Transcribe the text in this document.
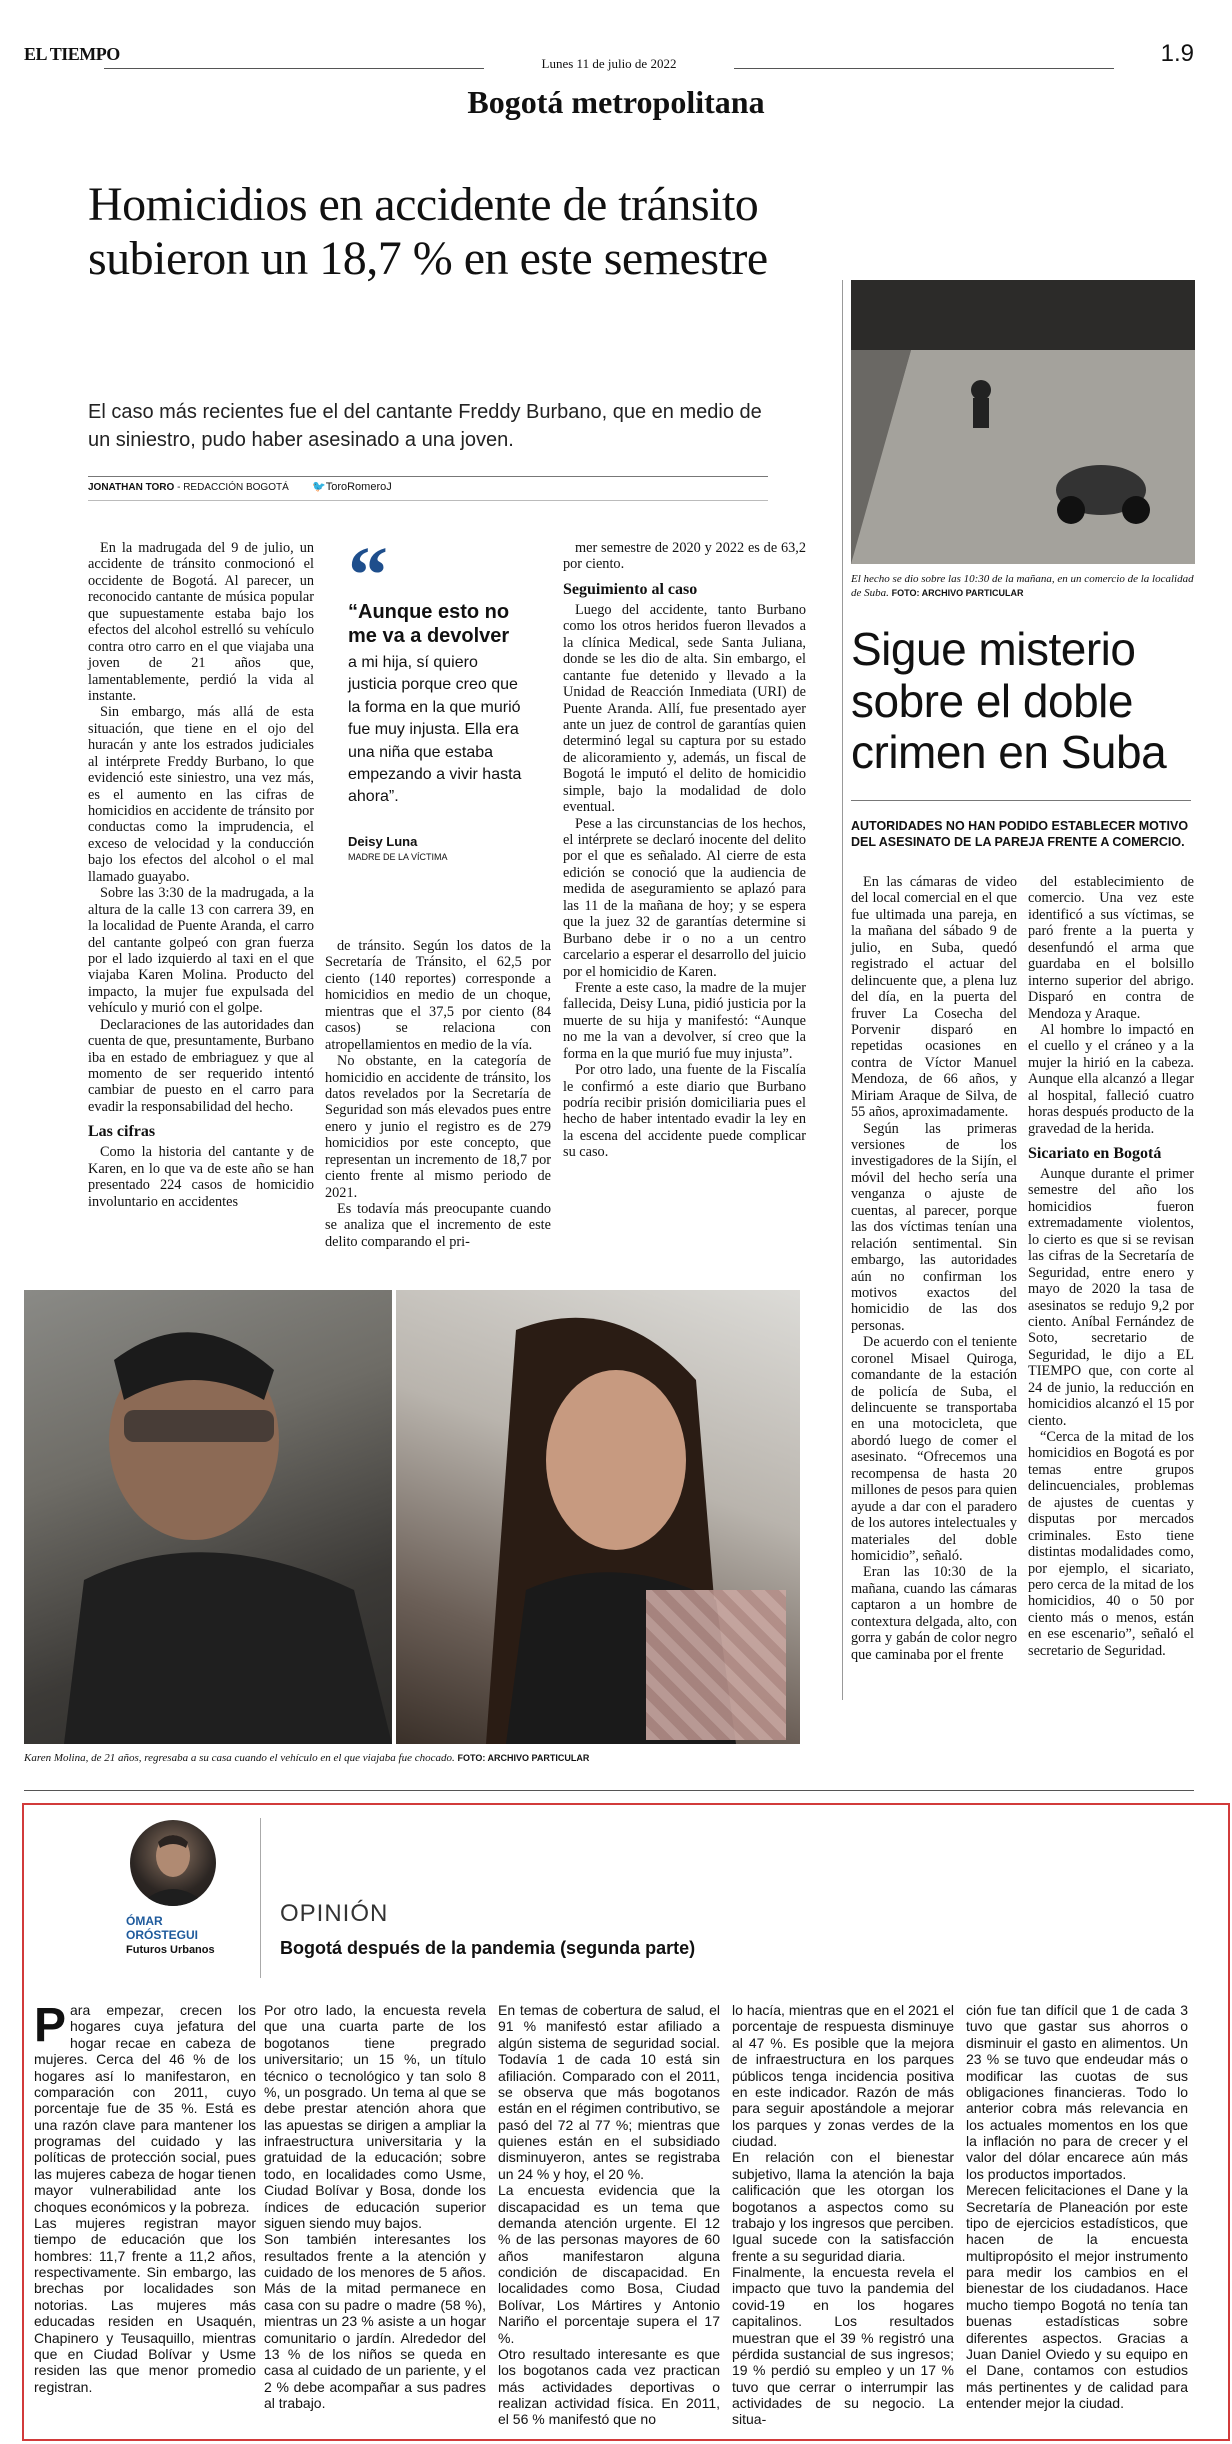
EL TIEMPO	Lunes 11 de julio de 2022	1.9
Bogotá metropolitana
Homicidios en accidente de tránsito subieron un 18,7 % en este semestre

El caso más recientes fue el del cantante Freddy Burbano, que en medio de un siniestro, pudo haber asesinado a una joven.

JONATHAN TORO - REDACCIÓN BOGOTÁ 🐦ToroRomeroJ

En la madrugada del 9 de julio, un accidente de tránsito conmocionó el occidente de Bogotá. Al parecer, un reconocido cantante de música popular que supuestamente estaba bajo los efectos del alcohol estrelló su vehículo contra otro carro en el que viajaba una joven de 21 años que, lamentablemente, perdió la vida al instante.

Sin embargo, más allá de esta situación, que tiene en el ojo del huracán y ante los estrados judiciales al intérprete Freddy Burbano, lo que evidenció este siniestro, una vez más, es el aumento en las cifras de homicidios en accidente de tránsito por conductas como la imprudencia, el exceso de velocidad y la conducción bajo los efectos del alcohol o el mal llamado guayabo.

Sobre las 3:30 de la madrugada, a la altura de la calle 13 con carrera 39, en la localidad de Puente Aranda, el carro del cantante golpeó con gran fuerza por el lado izquierdo al taxi en el que viajaba Karen Molina. Producto del impacto, la mujer fue expulsada del vehículo y murió con el golpe.

Declaraciones de las autoridades dan cuenta de que, presuntamente, Burbano iba en estado de embriaguez y que al momento de ser requerido intentó cambiar de puesto en el carro para evadir la responsabilidad del hecho.

Las cifras

Como la historia del cantante y de Karen, en lo que va de este año se han presentado 224 casos de homicidio involuntario en accidentes

“
“Aunque esto no me va a devolver
a mi hija, sí quiero justicia porque creo que la forma en la que murió fue muy injusta. Ella era una niña que estaba empezando a vivir hasta ahora”.
Deisy Luna
MADRE DE LA VÍCTIMA

de tránsito. Según los datos de la Secretaría de Tránsito, el 62,5 por ciento (140 reportes) corresponde a homicidios en medio de un choque, mientras que el 37,5 por ciento (84 casos) se relaciona con atropellamientos en medio de la vía.

No obstante, en la categoría de homicidio en accidente de tránsito, los datos revelados por la Secretaría de Seguridad son más elevados pues entre enero y junio el registro es de 279 homicidios por este concepto, que representan un incremento de 18,7 por ciento frente al mismo periodo de 2021.

Es todavía más preocupante cuando se analiza que el incremento de este delito comparando el pri-

mer semestre de 2020 y 2022 es de 63,2 por ciento.

Seguimiento al caso

Luego del accidente, tanto Burbano como los otros heridos fueron llevados a la clínica Medical, sede Santa Juliana, donde se les dio de alta. Sin embargo, el cantante fue detenido y llevado a la Unidad de Reacción Inmediata (URI) de Puente Aranda. Allí, fue presentado ayer ante un juez de control de garantías quien determinó legal su captura por su estado de alicoramiento y, además, un fiscal de Bogotá le imputó el delito de homicidio simple, bajo la modalidad de dolo eventual.

Pese a las circunstancias de los hechos, el intérprete se declaró inocente del delito por el que es señalado. Al cierre de esta edición se conoció que la audiencia de medida de aseguramiento se aplazó para las 11 de la mañana de hoy; y se espera que la juez 32 de garantías determine si Burbano debe ir o no a un centro carcelario a esperar el desarrollo del juicio por el homicidio de Karen.

Frente a este caso, la madre de la mujer fallecida, Deisy Luna, pidió justicia por la muerte de su hija y manifestó: “Aunque no me la van a devolver, sí creo que la forma en la que murió fue muy injusta”.

Por otro lado, una fuente de la Fiscalía le confirmó a este diario que Burbano podría recibir prisión domiciliaria pues el hecho de haber intentado evadir la ley en la escena del accidente puede complicar su caso.

Karen Molina, de 21 años, regresaba a su casa cuando el vehículo en el que viajaba fue chocado. FOTO: ARCHIVO PARTICULAR
El hecho se dio sobre las 10:30 de la mañana, en un comercio de la localidad de Suba. FOTO: ARCHIVO PARTICULAR
Sigue misterio sobre el doble crimen en Suba
AUTORIDADES NO HAN PODIDO ESTABLECER MOTIVO DEL ASESINATO DE LA PAREJA FRENTE A COMERCIO.

En las cámaras de video del local comercial en el que fue ultimada una pareja, en la mañana del sábado 9 de julio, en Suba, quedó registrado el actuar del delincuente que, a plena luz del día, en la puerta del fruver La Cosecha del Porvenir disparó en repetidas ocasiones en contra de Víctor Manuel Mendoza, de 66 años, y Miriam Araque de Silva, de 55 años, aproximadamente.

Según las primeras versiones de los investigadores de la Sijín, el móvil del hecho sería una venganza o ajuste de cuentas, al parecer, porque las dos víctimas tenían una relación sentimental. Sin embargo, las autoridades aún no confirman los motivos exactos del homicidio de las dos personas.

De acuerdo con el teniente coronel Misael Quiroga, comandante de la estación de policía de Suba, el delincuente se transportaba en una motocicleta, que abordó luego de comer el asesinato. “Ofrecemos una recompensa de hasta 20 millones de pesos para quien ayude a dar con el paradero de los autores intelectuales y materiales del doble homicidio”, señaló.

Eran las 10:30 de la mañana, cuando las cámaras captaron a un hombre de contextura delgada, alto, con gorra y gabán de color negro que caminaba por el frente

del establecimiento de comercio. Una vez este identificó a sus víctimas, se paró frente a la puerta y desenfundó el arma que guardaba en el bolsillo interno superior del abrigo. Disparó en contra de Mendoza y Araque.

Al hombre lo impactó en el cuello y el cráneo y a la mujer la hirió en la cabeza. Aunque ella alcanzó a llegar al hospital, falleció cuatro horas después producto de la gravedad de la herida.

Sicariato en Bogotá

Aunque durante el primer semestre del año los homicidios fueron extremadamente violentos, lo cierto es que si se revisan las cifras de la Secretaría de Seguridad, entre enero y mayo de 2020 la tasa de asesinatos se redujo 9,2 por ciento. Aníbal Fernández de Soto, secretario de Seguridad, le dijo a EL TIEMPO que, con corte al 24 de junio, la reducción en homicidios alcanzó el 15 por ciento.

“Cerca de la mitad de los homicidios en Bogotá es por temas entre grupos delincuenciales, problemas de ajustes de cuentas y disputas por mercados criminales. Esto tiene distintas modalidades como, por ejemplo, el sicariato, pero cerca de la mitad de los homicidios, 40 o 50 por ciento más o menos, están en ese escenario”, señaló el secretario de Seguridad.

ÓMAR
ORÓSTEGUI
Futuros Urbanos
OPINIÓN
Bogotá después de la pandemia (segunda parte)

Para empezar, crecen los hogares cuya jefatura del hogar recae en cabeza de mujeres. Cerca del 46 % de los hogares así lo manifestaron, en comparación con 2011, cuyo porcentaje fue de 35 %. Está es una razón clave para mantener los programas del cuidado y las políticas de protección social, pues las mujeres cabeza de hogar tienen mayor vulnerabilidad ante los choques económicos y la pobreza.

Las mujeres registran mayor tiempo de educación que los hombres: 11,7 frente a 11,2 años, respectivamente. Sin embargo, las brechas por localidades son notorias. Las mujeres más educadas residen en Usaquén, Chapinero y Teusaquillo, mientras que en Ciudad Bolívar y Usme residen las que menor promedio registran.

Por otro lado, la encuesta revela que una cuarta parte de los bogotanos tiene pregrado universitario; un 15 %, un título técnico o tecnológico y tan solo 8 %, un posgrado. Un tema al que se debe prestar atención ahora que las apuestas se dirigen a ampliar la infraestructura universitaria y la gratuidad de la educación; sobre todo, en localidades como Usme, Ciudad Bolívar y Bosa, donde los índices de educación superior siguen siendo muy bajos.

Son también interesantes los resultados frente a la atención y cuidado de los menores de 5 años. Más de la mitad permanece en casa con su padre o madre (58 %), mientras un 23 % asiste a un hogar comunitario o jardín. Alrededor del 13 % de los niños se queda en casa al cuidado de un pariente, y el 2 % debe acompañar a sus padres al trabajo.

En temas de cobertura de salud, el 91 % manifestó estar afiliado a algún sistema de seguridad social. Todavía 1 de cada 10 está sin afiliación. Comparado con el 2011, se observa que más bogotanos están en el régimen contributivo, se pasó del 72 al 77 %; mientras que quienes están en el subsidiado disminuyeron, antes se registraba un 24 % y hoy, el 20 %.

La encuesta evidencia que la discapacidad es un tema que demanda atención urgente. El 12 % de las personas mayores de 60 años manifestaron alguna condición de discapacidad. En localidades como Bosa, Ciudad Bolívar, Los Mártires y Antonio Nariño el porcentaje supera el 17 %.

Otro resultado interesante es que los bogotanos cada vez practican más actividades deportivas o realizan actividad física. En 2011, el 56 % manifestó que no

lo hacía, mientras que en el 2021 el porcentaje de respuesta disminuye al 47 %. Es posible que la mejora de infraestructura en los parques públicos tenga incidencia positiva en este indicador. Razón de más para seguir apostándole a mejorar los parques y zonas verdes de la ciudad.

En relación con el bienestar subjetivo, llama la atención la baja calificación que les otorgan los bogotanos a aspectos como su trabajo y los ingresos que perciben. Igual sucede con la satisfacción frente a su seguridad diaria.

Finalmente, la encuesta revela el impacto que tuvo la pandemia del covid-19 en los hogares capitalinos. Los resultados muestran que el 39 % registró una pérdida sustancial de sus ingresos; 19 % perdió su empleo y un 17 % tuvo que cerrar o interrumpir las actividades de su negocio. La situa-

ción fue tan difícil que 1 de cada 3 tuvo que gastar sus ahorros o disminuir el gasto en alimentos. Un 23 % se tuvo que endeudar más o modificar las cuotas de sus obligaciones financieras. Todo lo anterior cobra más relevancia en los actuales momentos en los que la inflación no para de crecer y el valor del dólar encarece aún más los productos importados.

Merecen felicitaciones el Dane y la Secretaría de Planeación por este tipo de ejercicios estadísticos, que hacen de la encuesta multipropósito el mejor instrumento para medir los cambios en el bienestar de los ciudadanos. Hace mucho tiempo Bogotá no tenía tan buenas estadísticas sobre diferentes aspectos. Gracias a Juan Daniel Oviedo y su equipo en el Dane, contamos con estudios más pertinentes y de calidad para entender mejor la ciudad.
